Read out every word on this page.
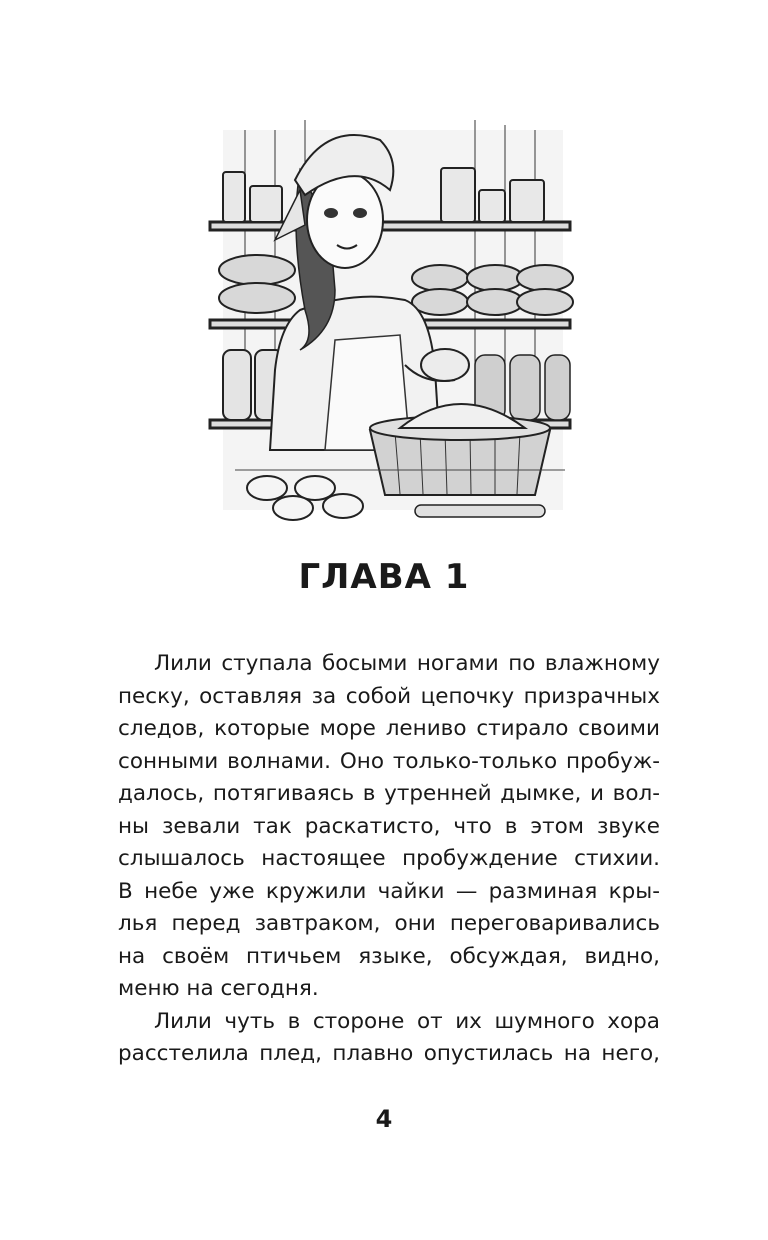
ГЛАВА 1

Лили ступала босыми ногами по влажному
песку, оставляя за собой цепочку призрачных
следов, которые море лениво стирало своими
сонными волнами. Оно только-только пробуж-
далось, потягиваясь в утренней дымке, и вол-
ны зевали так раскатисто, что в этом звуке
слышалось настоящее пробуждение стихии.
В небе уже кружили чайки — разминая кры-
лья перед завтраком, они переговаривались
на своём птичьем языке, обсуждая, видно,
меню на сегодня.

Лили чуть в стороне от их шумного хора
расстелила плед, плавно опустилась на него,

4
